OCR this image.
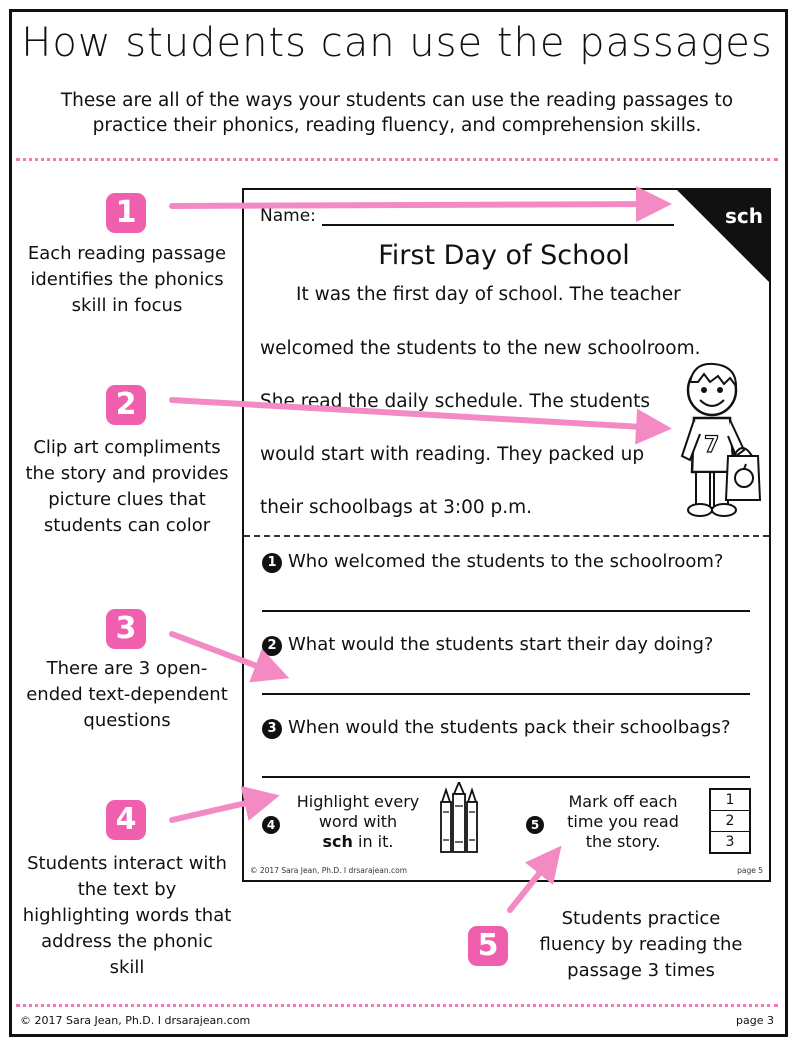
How students can use the passages
These are all of the ways your students can use the reading passages to practice their phonics, reading fluency, and comprehension skills.
1
Each reading passage identifies the phonics skill in focus
2
Clip art compliments the story and provides picture clues that students can color
3
There are 3 open-ended text-dependent questions
4
Students interact with the text by highlighting words that address the phonic skill
5
Students practice fluency by reading the passage 3 times
sch
Name:
First Day of School
It was the first day of school. The teacher
welcomed the students to the new schoolroom.
She read the daily schedule. The students
would start with reading. They packed up
their schoolbags at 3:00 p.m.
7
1 Who welcomed the students to the schoolroom?
2 What would the students start their day doing?
3 When would the students pack their schoolbags?
4
Highlight every
word with
sch in it.
5
Mark off each
time you read
the story.
1
2
3
© 2017 Sara Jean, Ph.D. I drsarajean.com	page 5
© 2017 Sara Jean, Ph.D. I drsarajean.com	page 3
